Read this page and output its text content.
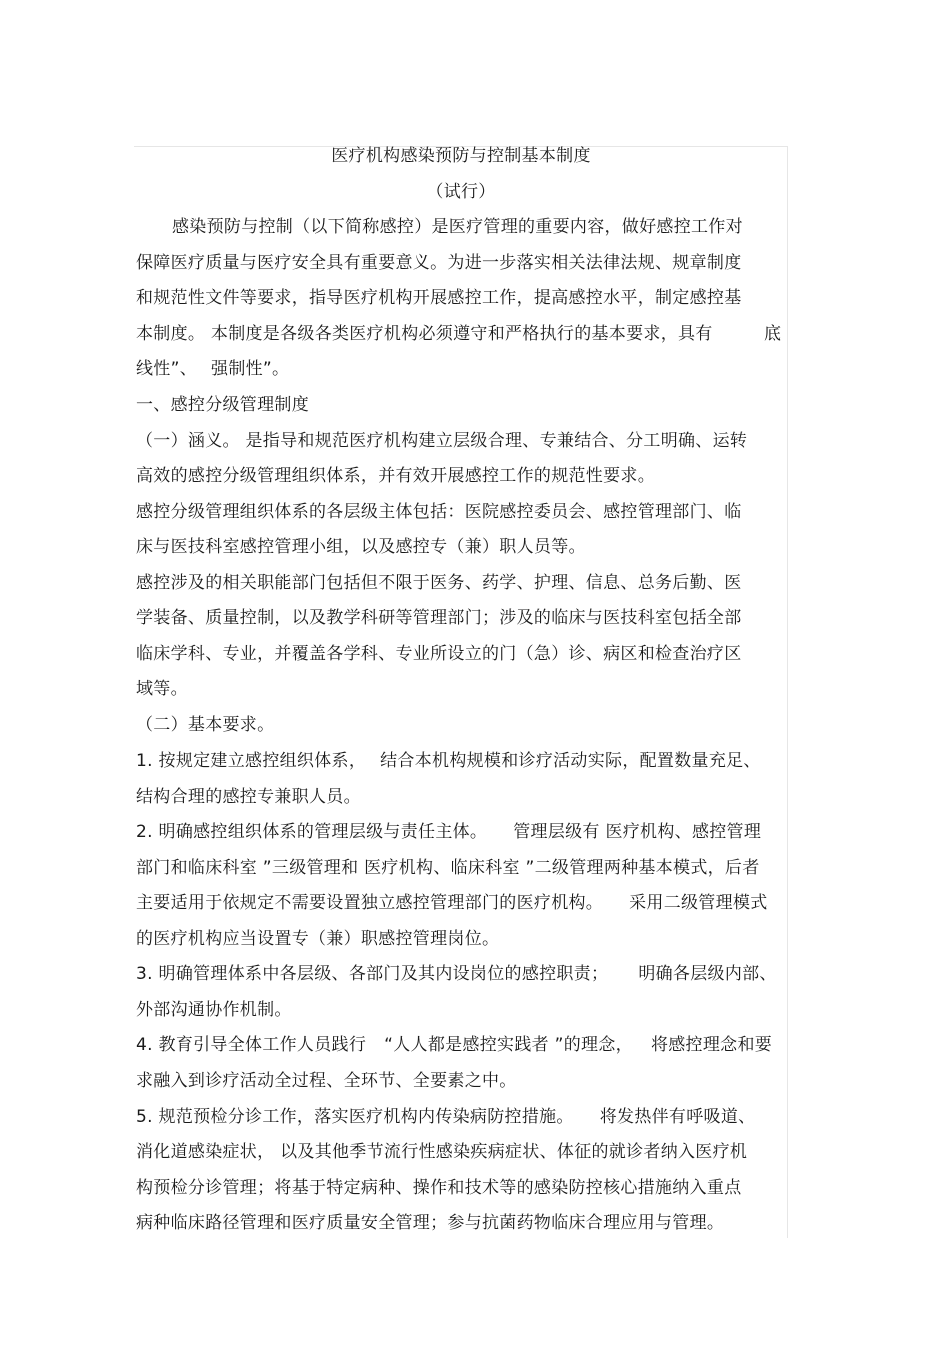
医疗机构感染预防与控制基本制度
（试行）
感染预防与控制（以下简称感控）是医疗管理的重要内容，做好感控工作对
保障医疗质量与医疗安全具有重要意义。为进一步落实相关法律法规、规章制度
和规范性文件等要求，指导医疗机构开展感控工作，提高感控水平，制定感控基
本制度。 本制度是各级各类医疗机构必须遵守和严格执行的基本要求，具有	底
线性”、 强制性”。
一、感控分级管理制度
（一）涵义。 是指导和规范医疗机构建立层级合理、专兼结合、分工明确、运转
高效的感控分级管理组织体系，并有效开展感控工作的规范性要求。
感控分级管理组织体系的各层级主体包括：医院感控委员会、感控管理部门、临
床与医技科室感控管理小组，以及感控专（兼）职人员等。
感控涉及的相关职能部门包括但不限于医务、药学、护理、信息、总务后勤、医
学装备、质量控制，以及教学科研等管理部门；涉及的临床与医技科室包括全部
临床学科、专业，并覆盖各学科、专业所设立的门（急）诊、病区和检查治疗区
域等。
（二）基本要求。
1. 按规定建立感控组织体系， 结合本机构规模和诊疗活动实际，配置数量充足、
结构合理的感控专兼职人员。
2. 明确感控组织体系的管理层级与责任主体。 管理层级有 医疗机构、感控管理
部门和临床科室 ”三级管理和 医疗机构、临床科室 ”二级管理两种基本模式，后者
主要适用于依规定不需要设置独立感控管理部门的医疗机构。 采用二级管理模式
的医疗机构应当设置专（兼）职感控管理岗位。
3. 明确管理体系中各层级、各部门及其内设岗位的感控职责； 明确各层级内部、
外部沟通协作机制。
4. 教育引导全体工作人员践行 “人人都是感控实践者 ”的理念， 将感控理念和要
求融入到诊疗活动全过程、全环节、全要素之中。
5. 规范预检分诊工作，落实医疗机构内传染病防控措施。 将发热伴有呼吸道、
消化道感染症状， 以及其他季节流行性感染疾病症状、体征的就诊者纳入医疗机
构预检分诊管理；将基于特定病种、操作和技术等的感染防控核心措施纳入重点
病种临床路径管理和医疗质量安全管理；参与抗菌药物临床合理应用与管理。
